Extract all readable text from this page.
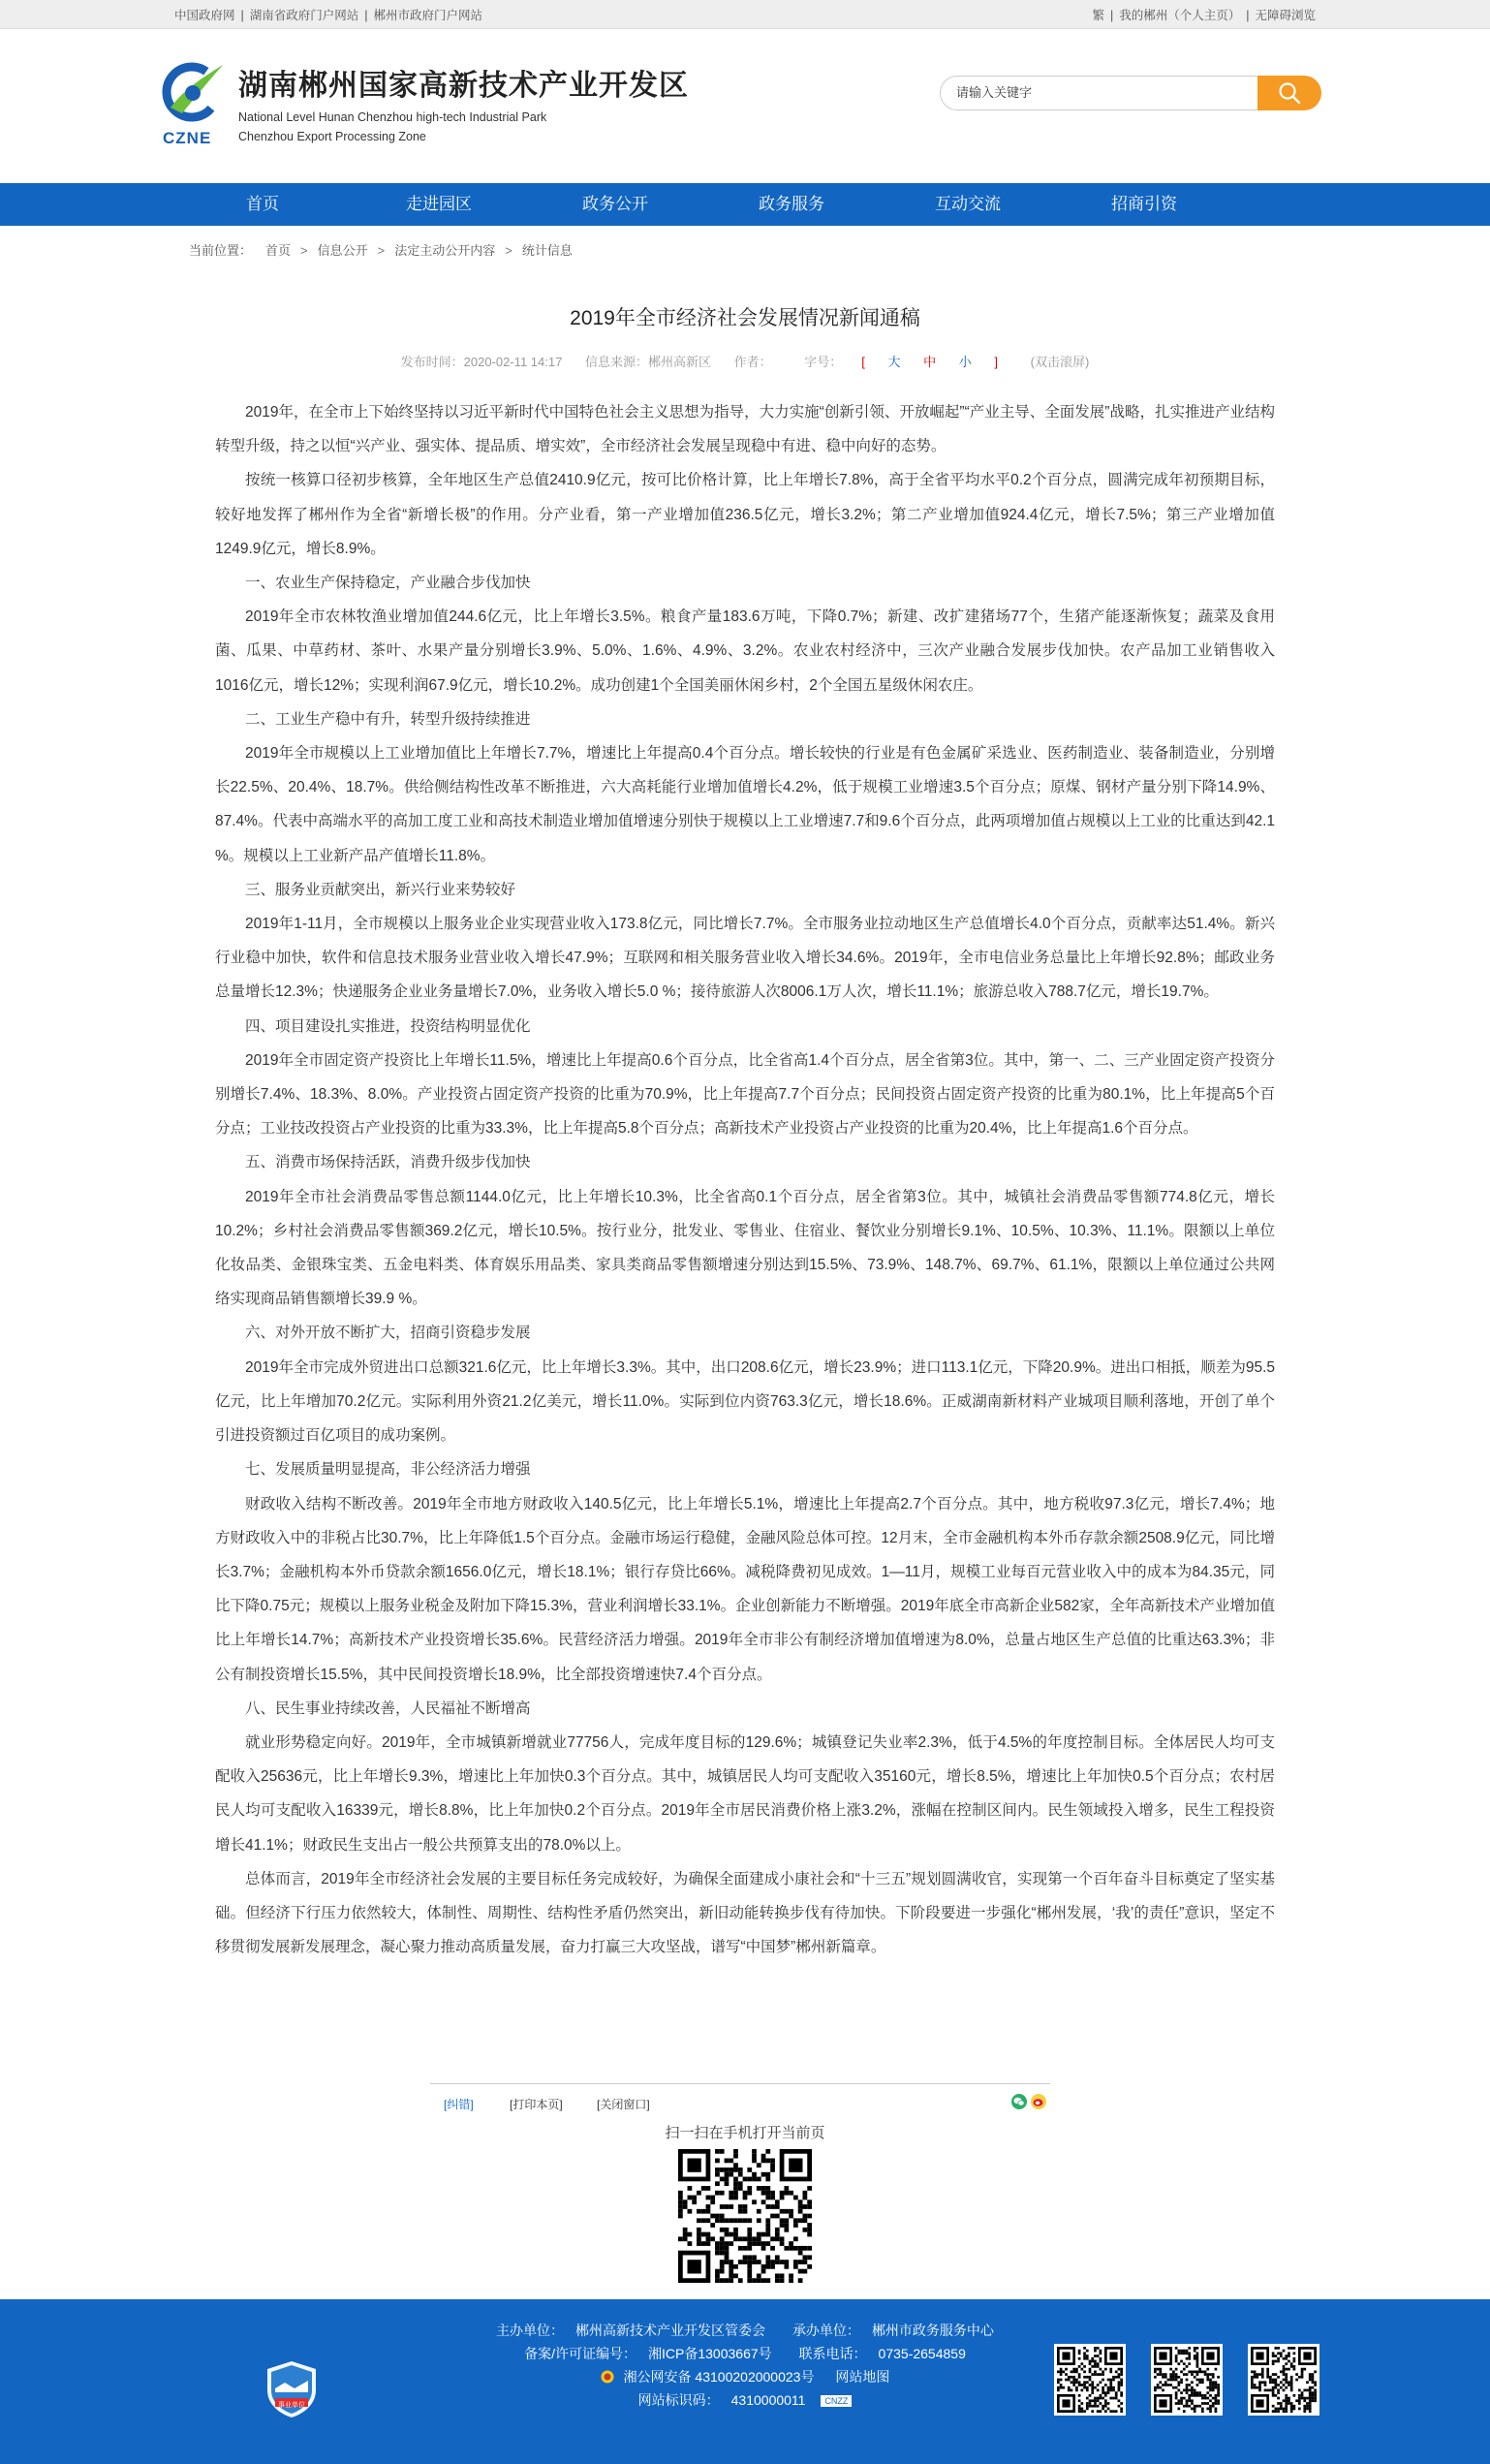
中国政府网 | 湖南省政府门户网站 | 郴州市政府门户网站	繁 | 我的郴州（个人主页） | 无障碍浏览
CZNE
湖南郴州国家高新技术产业开发区
National Level Hunan Chenzhou high-tech Industrial Park
Chenzhou Export Processing Zone
请输入关键字
首页	走进园区	政务公开	政务服务	互动交流	招商引资
当前位置： 首页 > 信息公开 > 法定主动公开内容 > 统计信息
2019年全市经济社会发展情况新闻通稿
发布时间：2020-02-11 14:17 信息来源：郴州高新区 作者：	字号： [ 大 中 小 ]	(双击滚屏)

2019年，在全市上下始终坚持以习近平新时代中国特色社会主义思想为指导，大力实施“创新引领、开放崛起”“产业主导、全面发展”战略，扎实推进产业结构转型升级，持之以恒“兴产业、强实体、提品质、增实效”，全市经济社会发展呈现稳中有进、稳中向好的态势。

按统一核算口径初步核算，全年地区生产总值2410.9亿元，按可比价格计算，比上年增长7.8%，高于全省平均水平0.2个百分点，圆满完成年初预期目标，较好地发挥了郴州作为全省“新增长极”的作用。分产业看，第一产业增加值236.5亿元，增长3.2%；第二产业增加值924.4亿元，增长7.5%；第三产业增加值1249.9亿元，增长8.9%。

一、农业生产保持稳定，产业融合步伐加快

2019年全市农林牧渔业增加值244.6亿元，比上年增长3.5%。粮食产量183.6万吨，下降0.7%；新建、改扩建猪场77个，生猪产能逐渐恢复；蔬菜及食用菌、瓜果、中草药材、茶叶、水果产量分别增长3.9%、5.0%、1.6%、4.9%、3.2%。农业农村经济中，三次产业融合发展步伐加快。农产品加工业销售收入1016亿元，增长12%；实现利润67.9亿元，增长10.2%。成功创建1个全国美丽休闲乡村，2个全国五星级休闲农庄。

二、工业生产稳中有升，转型升级持续推进

2019年全市规模以上工业增加值比上年增长7.7%，增速比上年提高0.4个百分点。增长较快的行业是有色金属矿采选业、医药制造业、装备制造业，分别增长22.5%、20.4%、18.7%。供给侧结构性改革不断推进，六大高耗能行业增加值增长4.2%，低于规模工业增速3.5个百分点；原煤、钢材产量分别下降14.9%、87.4%。代表中高端水平的高加工度工业和高技术制造业增加值增速分别快于规模以上工业增速7.7和9.6个百分点，此两项增加值占规模以上工业的比重达到42.1 %。规模以上工业新产品产值增长11.8%。

三、服务业贡献突出，新兴行业来势较好

2019年1-11月，全市规模以上服务业企业实现营业收入173.8亿元，同比增长7.7%。全市服务业拉动地区生产总值增长4.0个百分点，贡献率达51.4%。新兴行业稳中加快，软件和信息技术服务业营业收入增长47.9%；互联网和相关服务营业收入增长34.6%。2019年，全市电信业务总量比上年增长92.8%；邮政业务总量增长12.3%；快递服务企业业务量增长7.0%，业务收入增长5.0 %；接待旅游人次8006.1万人次，增长11.1%；旅游总收入788.7亿元，增长19.7%。

四、项目建设扎实推进，投资结构明显优化

2019年全市固定资产投资比上年增长11.5%，增速比上年提高0.6个百分点，比全省高1.4个百分点，居全省第3位。其中，第一、二、三产业固定资产投资分别增长7.4%、18.3%、8.0%。产业投资占固定资产投资的比重为70.9%，比上年提高7.7个百分点；民间投资占固定资产投资的比重为80.1%，比上年提高5个百分点；工业技改投资占产业投资的比重为33.3%，比上年提高5.8个百分点；高新技术产业投资占产业投资的比重为20.4%，比上年提高1.6个百分点。

五、消费市场保持活跃，消费升级步伐加快

2019年全市社会消费品零售总额1144.0亿元，比上年增长10.3%，比全省高0.1个百分点，居全省第3位。其中，城镇社会消费品零售额774.8亿元，增长10.2%；乡村社会消费品零售额369.2亿元，增长10.5%。按行业分，批发业、零售业、住宿业、餐饮业分别增长9.1%、10.5%、10.3%、11.1%。限额以上单位化妆品类、金银珠宝类、五金电料类、体育娱乐用品类、家具类商品零售额增速分别达到15.5%、73.9%、148.7%、69.7%、61.1%，限额以上单位通过公共网络实现商品销售额增长39.9 %。

六、对外开放不断扩大，招商引资稳步发展

2019年全市完成外贸进出口总额321.6亿元，比上年增长3.3%。其中，出口208.6亿元，增长23.9%；进口113.1亿元，下降20.9%。进出口相抵，顺差为95.5亿元，比上年增加70.2亿元。实际利用外资21.2亿美元，增长11.0%。实际到位内资763.3亿元，增长18.6%。正威湖南新材料产业城项目顺利落地，开创了单个引进投资额过百亿项目的成功案例。

七、发展质量明显提高，非公经济活力增强

财政收入结构不断改善。2019年全市地方财政收入140.5亿元，比上年增长5.1%，增速比上年提高2.7个百分点。其中，地方税收97.3亿元，增长7.4%；地方财政收入中的非税占比30.7%，比上年降低1.5个百分点。金融市场运行稳健，金融风险总体可控。12月末，全市金融机构本外币存款余额2508.9亿元，同比增长3.7%；金融机构本外币贷款余额1656.0亿元，增长18.1%；银行存贷比66%。减税降费初见成效。1—11月，规模工业每百元营业收入中的成本为84.35元，同比下降0.75元；规模以上服务业税金及附加下降15.3%，营业利润增长33.1%。企业创新能力不断增强。2019年底全市高新企业582家，全年高新技术产业增加值比上年增长14.7%；高新技术产业投资增长35.6%。民营经济活力增强。2019年全市非公有制经济增加值增速为8.0%，总量占地区生产总值的比重达63.3%；非公有制投资增长15.5%，其中民间投资增长18.9%，比全部投资增速快7.4个百分点。

八、民生事业持续改善，人民福祉不断增高

就业形势稳定向好。2019年，全市城镇新增就业77756人，完成年度目标的129.6%；城镇登记失业率2.3%，低于4.5%的年度控制目标。全体居民人均可支配收入25636元，比上年增长9.3%，增速比上年加快0.3个百分点。其中，城镇居民人均可支配收入35160元，增长8.5%，增速比上年加快0.5个百分点；农村居民人均可支配收入16339元，增长8.8%，比上年加快0.2个百分点。2019年全市居民消费价格上涨3.2%，涨幅在控制区间内。民生领域投入增多，民生工程投资增长41.1%；财政民生支出占一般公共预算支出的78.0%以上。

总体而言，2019年全市经济社会发展的主要目标任务完成较好，为确保全面建成小康社会和“十三五”规划圆满收官，实现第一个百年奋斗目标奠定了坚实基础。但经济下行压力依然较大，体制性、周期性、结构性矛盾仍然突出，新旧动能转换步伐有待加快。下阶段要进一步强化“郴州发展，‘我’的责任”意识，坚定不移贯彻发展新发展理念，凝心聚力推动高质量发展，奋力打赢三大攻坚战，谱写“中国梦”郴州新篇章。

[纠错]	[打印本页]	[关闭窗口]
扫一扫在手机打开当前页
事业单位
主办单位： 郴州高新技术产业开发区管委会 承办单位： 郴州市政务服务中心
备案/许可证编号： 湘ICP备13003667号 联系电话： 0735-2654859
湘公网安备 43100202000023号 网站地图
网站标识码： 4310000011 CNZZ
